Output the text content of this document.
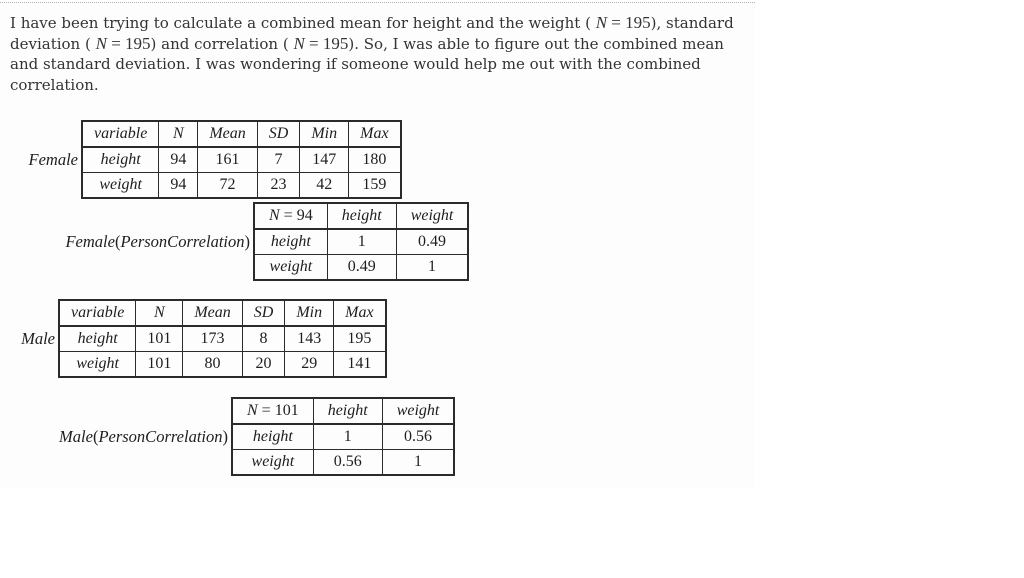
I have been trying to calculate a combined mean for height and the weight ( N = 195), standard
deviation ( N = 195) and correlation ( N = 195). So, I was able to figure out the combined mean
and standard deviation. I was wondering if someone would help me out with the combined
correlation.
Female
variable	N	Mean	SD	Min	Max
height	94	161	7	147	180
weight	94	72	23	42	159
Female(PersonCorrelation)
N = 94	height	weight
height	1	0.49
weight	0.49	1
Male
variable	N	Mean	SD	Min	Max
height	101	173	8	143	195
weight	101	80	20	29	141
Male(PersonCorrelation)
N = 101	height	weight
height	1	0.56
weight	0.56	1
